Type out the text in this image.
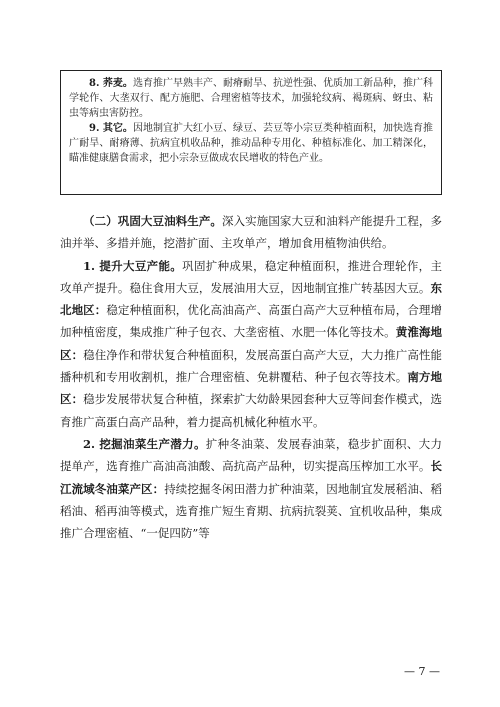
8. 荞麦。选育推广早熟丰产、耐瘠耐旱、抗逆性强、优质加工新品种，推广科学轮作、大垄双行、配方施肥、合理密植等技术，加强轮纹病、褐斑病、蚜虫、粘虫等病虫害防控。

9. 其它。因地制宜扩大红小豆、绿豆、芸豆等小宗豆类种植面积，加快选育推广耐旱、耐瘠薄、抗病宜机收品种，推动品种专用化、种植标准化、加工精深化，瞄准健康膳食需求，把小宗杂豆做成农民增收的特色产业。

（二）巩固大豆油料生产。深入实施国家大豆和油料产能提升工程，多油并举、多措并施，挖潜扩面、主攻单产，增加食用植物油供给。

1. 提升大豆产能。巩固扩种成果，稳定种植面积，推进合理轮作，主攻单产提升。稳住食用大豆，发展油用大豆，因地制宜推广转基因大豆。东北地区：稳定种植面积，优化高油高产、高蛋白高产大豆种植布局，合理增加种植密度，集成推广种子包衣、大垄密植、水肥一体化等技术。黄淮海地区：稳住净作和带状复合种植面积，发展高蛋白高产大豆，大力推广高性能播种机和专用收割机，推广合理密植、免耕覆秸、种子包衣等技术。南方地区：稳步发展带状复合种植，探索扩大幼龄果园套种大豆等间套作模式，选育推广高蛋白高产品种，着力提高机械化种植水平。

2. 挖掘油菜生产潜力。扩种冬油菜、发展春油菜，稳步扩面积、大力提单产，选育推广高油高油酸、高抗高产品种，切实提高压榨加工水平。长江流域冬油菜产区：持续挖掘冬闲田潜力扩种油菜，因地制宜发展稻油、稻稻油、稻再油等模式，选育推广短生育期、抗病抗裂荚、宜机收品种，集成推广合理密植、“一促四防”等

— 7 —
